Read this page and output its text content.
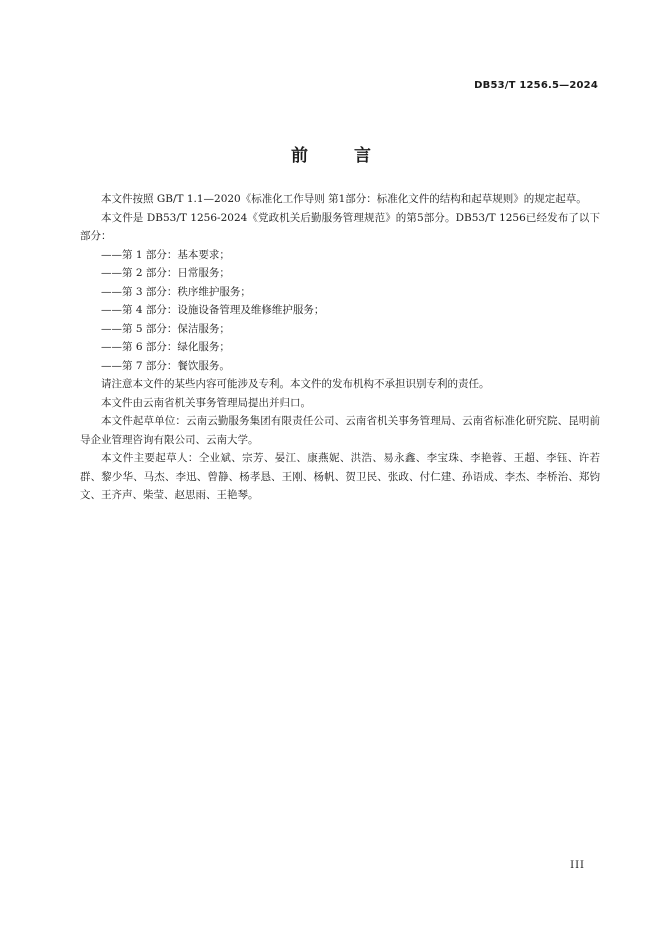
DB53/T 1256.5—2024
前 言

本文件按照 GB/T 1.1—2020《标准化工作导则 第1部分：标准化文件的结构和起草规则》的规定起草。

本文件是 DB53/T 1256-2024《党政机关后勤服务管理规范》的第5部分。DB53/T 1256已经发布了以下部分：

——第 1 部分：基本要求；

——第 2 部分：日常服务；

——第 3 部分：秩序维护服务；

——第 4 部分：设施设备管理及维修维护服务；

——第 5 部分：保洁服务；

——第 6 部分：绿化服务；

——第 7 部分：餐饮服务。

请注意本文件的某些内容可能涉及专利。本文件的发布机构不承担识别专利的责任。

本文件由云南省机关事务管理局提出并归口。

本文件起草单位：云南云勤服务集团有限责任公司、云南省机关事务管理局、云南省标准化研究院、昆明前导企业管理咨询有限公司、云南大学。

本文件主要起草人：仝业斌、宗芳、晏江、康燕妮、洪浩、易永鑫、李宝珠、李艳蓉、王超、李钰、许若群、黎少华、马杰、李迅、曾静、杨孝恳、王刚、杨帆、贺卫民、张政、付仁建、孙语成、李杰、李桥治、郑钧文、王齐声、柴莹、赵思雨、王艳琴。

III
